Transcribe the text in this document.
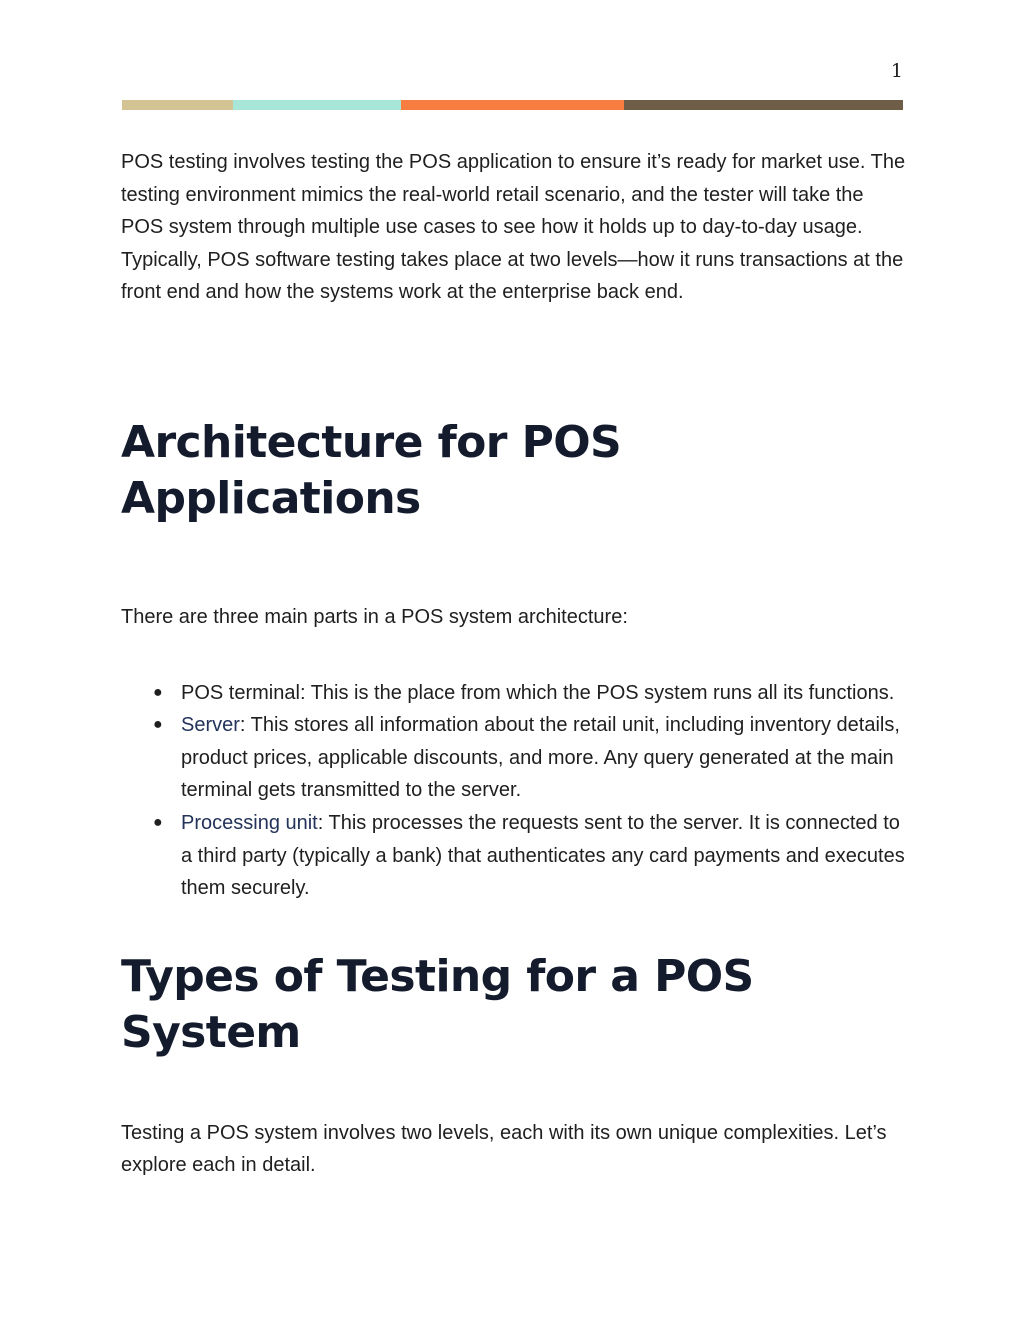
1

POS testing involves testing the POS application to ensure it’s ready for market use. The testing environment mimics the real-world retail scenario, and the tester will take the POS system through multiple use cases to see how it holds up to day-to-day usage. Typically, POS software testing takes place at two levels—how it runs transactions at the front end and how the systems work at the enterprise back end.

Architecture for POS Applications

There are three main parts in a POS system architecture:

● POS terminal: This is the place from which the POS system runs all its functions.
● Server: This stores all information about the retail unit, including inventory details, product prices, applicable discounts, and more. Any query generated at the main terminal gets transmitted to the server.
● Processing unit: This processes the requests sent to the server. It is connected to a third party (typically a bank) that authenticates any card payments and executes them securely.
Types of Testing for a POS System

Testing a POS system involves two levels, each with its own unique complexities. Let’s explore each in detail.
